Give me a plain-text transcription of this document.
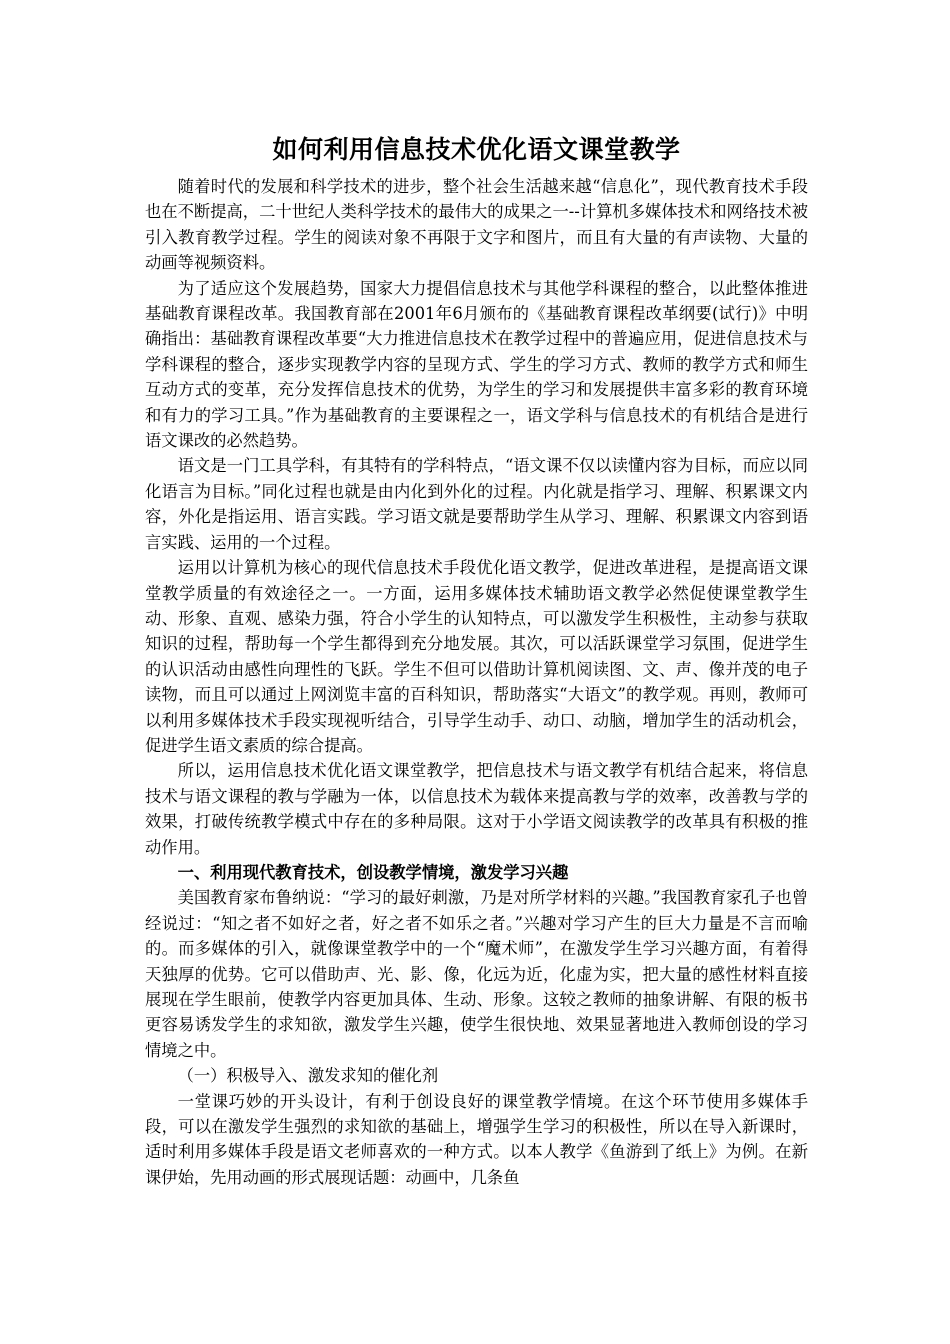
如何利用信息技术优化语文课堂教学

随着时代的发展和科学技术的进步，整个社会生活越来越“信息化”，现代教育技术手段也在不断提高，二十世纪人类科学技术的最伟大的成果之一--计算机多媒体技术和网络技术被引入教育教学过程。学生的阅读对象不再限于文字和图片，而且有大量的有声读物、大量的动画等视频资料。

为了适应这个发展趋势，国家大力提倡信息技术与其他学科课程的整合，以此整体推进基础教育课程改革。我国教育部在2001年6月颁布的《基础教育课程改革纲要(试行)》中明确指出：基础教育课程改革要“大力推进信息技术在教学过程中的普遍应用，促进信息技术与学科课程的整合，逐步实现教学内容的呈现方式、学生的学习方式、教师的教学方式和师生互动方式的变革，充分发挥信息技术的优势，为学生的学习和发展提供丰富多彩的教育环境和有力的学习工具。”作为基础教育的主要课程之一，语文学科与信息技术的有机结合是进行语文课改的必然趋势。

语文是一门工具学科，有其特有的学科特点，“语文课不仅以读懂内容为目标，而应以同化语言为目标。”同化过程也就是由内化到外化的过程。内化就是指学习、理解、积累课文内容，外化是指运用、语言实践。学习语文就是要帮助学生从学习、理解、积累课文内容到语言实践、运用的一个过程。

运用以计算机为核心的现代信息技术手段优化语文教学，促进改革进程，是提高语文课堂教学质量的有效途径之一。一方面，运用多媒体技术辅助语文教学必然促使课堂教学生动、形象、直观、感染力强，符合小学生的认知特点，可以激发学生积极性，主动参与获取知识的过程，帮助每一个学生都得到充分地发展。其次，可以活跃课堂学习氛围，促进学生的认识活动由感性向理性的飞跃。学生不但可以借助计算机阅读图、文、声、像并茂的电子读物，而且可以通过上网浏览丰富的百科知识，帮助落实“大语文”的教学观。再则，教师可以利用多媒体技术手段实现视听结合，引导学生动手、动口、动脑，增加学生的活动机会，促进学生语文素质的综合提高。

所以，运用信息技术优化语文课堂教学，把信息技术与语文教学有机结合起来，将信息技术与语文课程的教与学融为一体，以信息技术为载体来提高教与学的效率，改善教与学的效果，打破传统教学模式中存在的多种局限。这对于小学语文阅读教学的改革具有积极的推动作用。

一、利用现代教育技术，创设教学情境，激发学习兴趣

美国教育家布鲁纳说：“学习的最好刺激，乃是对所学材料的兴趣。”我国教育家孔子也曾经说过：“知之者不如好之者，好之者不如乐之者。”兴趣对学习产生的巨大力量是不言而喻的。而多媒体的引入，就像课堂教学中的一个“魔术师”，在激发学生学习兴趣方面，有着得天独厚的优势。它可以借助声、光、影、像，化远为近，化虚为实，把大量的感性材料直接展现在学生眼前，使教学内容更加具体、生动、形象。这较之教师的抽象讲解、有限的板书更容易诱发学生的求知欲，激发学生兴趣，使学生很快地、效果显著地进入教师创设的学习情境之中。

（一）积极导入、激发求知的催化剂

一堂课巧妙的开头设计，有利于创设良好的课堂教学情境。在这个环节使用多媒体手段，可以在激发学生强烈的求知欲的基础上，增强学生学习的积极性，所以在导入新课时，适时利用多媒体手段是语文老师喜欢的一种方式。以本人教学《鱼游到了纸上》为例。在新课伊始，先用动画的形式展现话题：动画中，几条鱼
